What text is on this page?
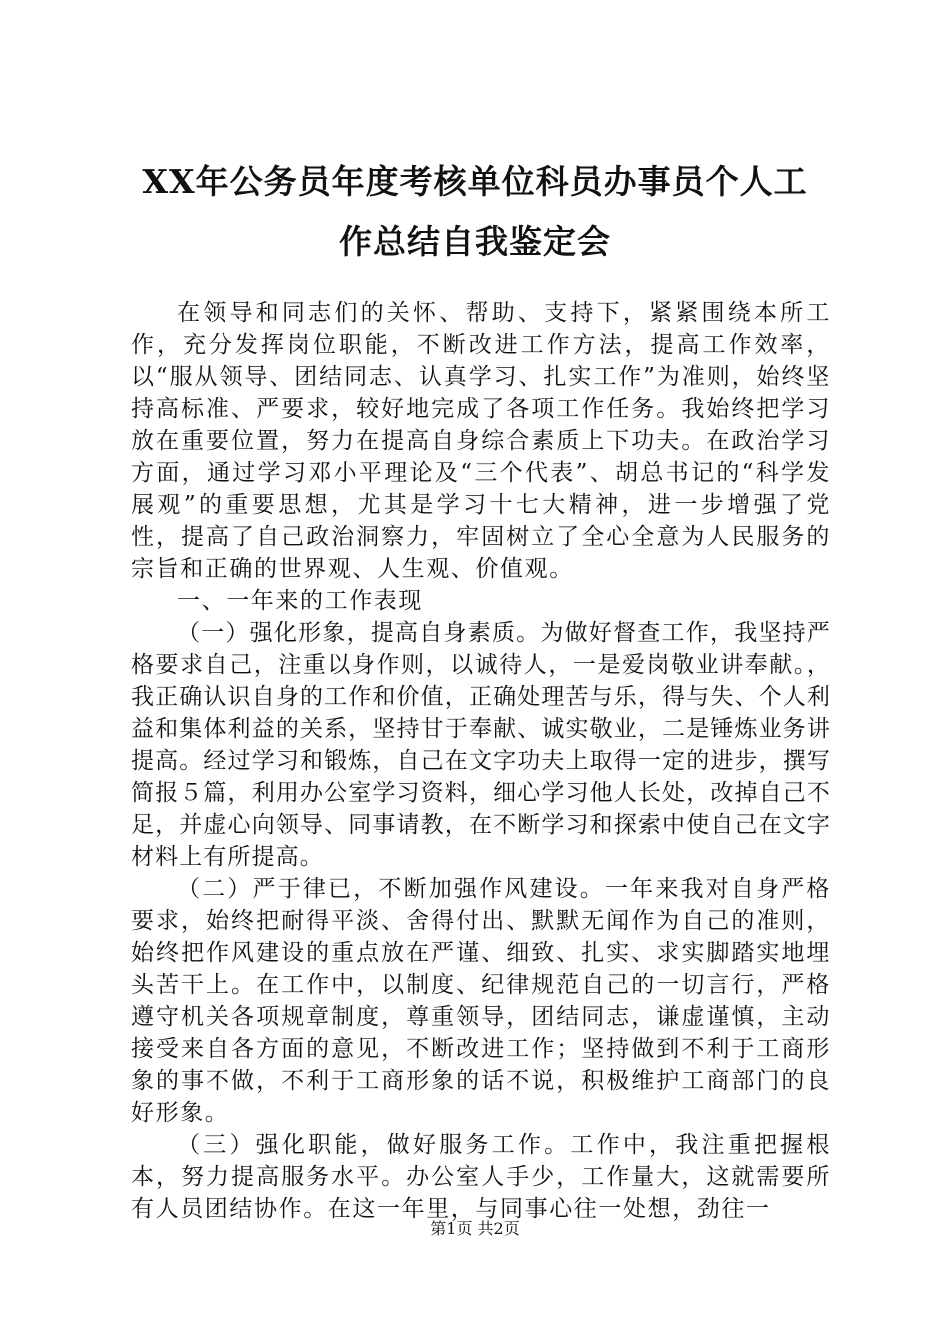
XX年公务员年度考核单位科员办事员个人工
作总结自我鉴定会

在领导和同志们的关怀、帮助、支持下，紧紧围绕本所工作，充分发挥岗位职能，不断改进工作方法，提高工作效率，以“服从领导、团结同志、认真学习、扎实工作”为准则，始终坚持高标准、严要求，较好地完成了各项工作任务。我始终把学习放在重要位置，努力在提高自身综合素质上下功夫。在政治学习方面，通过学习邓小平理论及“三个代表”、胡总书记的“科学发展观”的重要思想，尤其是学习十七大精神，进一步增强了党性，提高了自己政治洞察力，牢固树立了全心全意为人民服务的宗旨和正确的世界观、人生观、价值观。

一、一年来的工作表现

（一）强化形象，提高自身素质。为做好督查工作，我坚持严格要求自己，注重以身作则，以诚待人，一是爱岗敬业讲奉献。，我正确认识自身的工作和价值，正确处理苦与乐，得与失、个人利益和集体利益的关系，坚持甘于奉献、诚实敬业，二是锤炼业务讲提高。经过学习和锻炼，自己在文字功夫上取得一定的进步，撰写简报５篇，利用办公室学习资料，细心学习他人长处，改掉自己不足，并虚心向领导、同事请教，在不断学习和探索中使自己在文字材料上有所提高。

（二）严于律已，不断加强作风建设。一年来我对自身严格要求，始终把耐得平淡、舍得付出、默默无闻作为自己的准则，始终把作风建设的重点放在严谨、细致、扎实、求实脚踏实地埋头苦干上。在工作中，以制度、纪律规范自己的一切言行，严格遵守机关各项规章制度，尊重领导，团结同志，谦虚谨慎，主动接受来自各方面的意见，不断改进工作；坚持做到不利于工商形象的事不做，不利于工商形象的话不说，积极维护工商部门的良好形象。

（三）强化职能，做好服务工作。工作中，我注重把握根本，努力提高服务水平。办公室人手少，工作量大，这就需要所有人员团结协作。在这一年里，与同事心往一处想，劲往一

第1页 共2页
